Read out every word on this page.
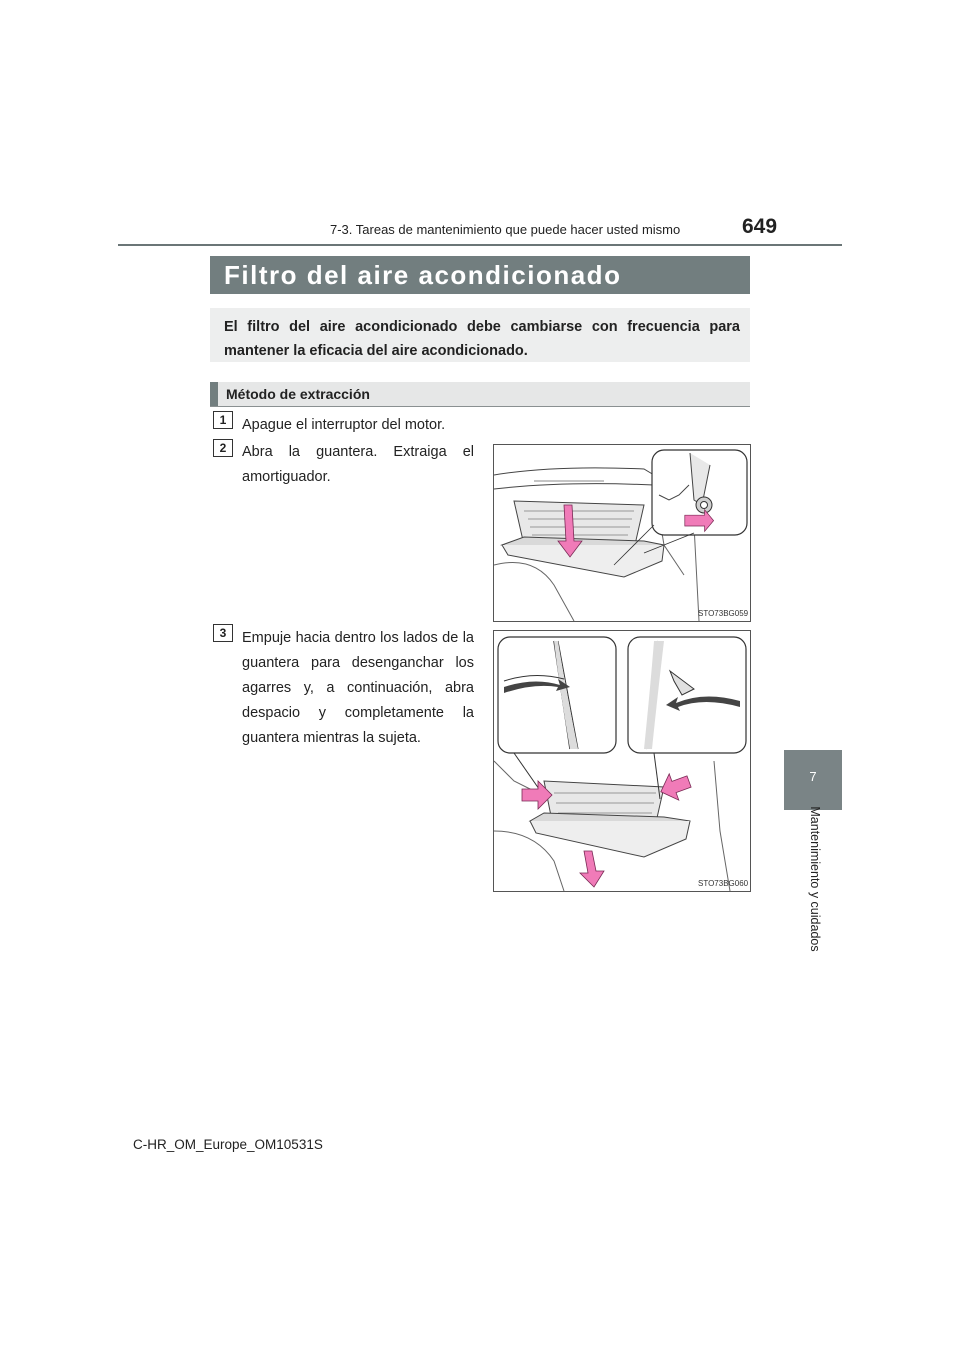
7-3. Tareas de mantenimiento que puede hacer usted mismo	649
7
Mantenimiento y cuidados
Filtro del aire acondicionado
El filtro del aire acondicionado debe cambiarse con frecuencia para mantener la eficacia del aire acondicionado.
Método de extracción
1	Apague el interruptor del motor.
2	Abra la guantera. Extraiga el amortiguador.
STO73BG059
3	Empuje hacia dentro los lados de la guantera para desenganchar los agarres y, a continuación, abra despacio y completamente la guantera mientras la sujeta.
STO73BG060
C-HR_OM_Europe_OM10531S
